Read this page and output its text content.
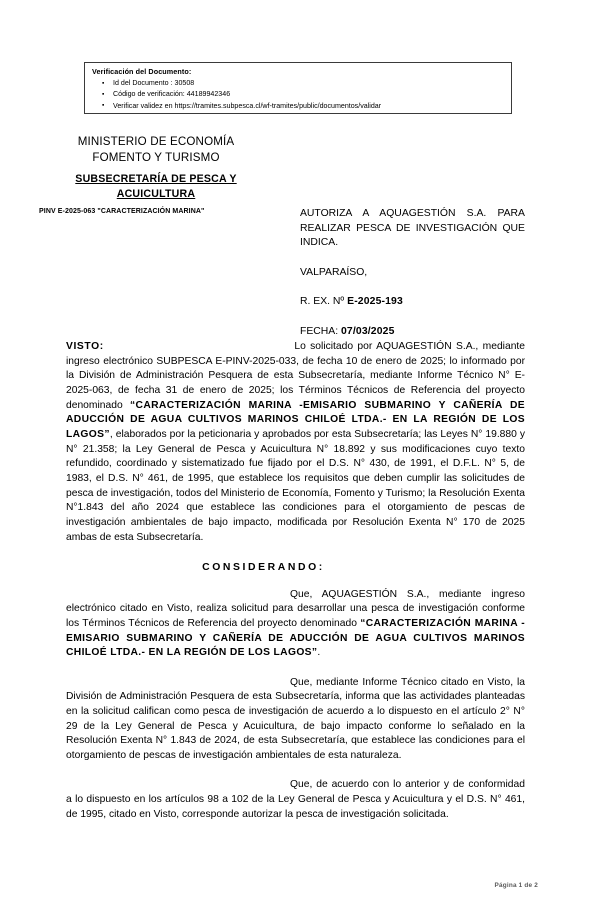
Verificación del Documento:
▪ Id del Documento : 30508
▪ Código de verificación: 44189942346
▪ Verificar validez en https://tramites.subpesca.cl/wf-tramites/public/documentos/validar
MINISTERIO DE ECONOMÍA
FOMENTO Y TURISMO
SUBSECRETARÍA DE PESCA Y
ACUICULTURA
PINV E-2025-063 "CARACTERIZACIÓN MARINA"	AUTORIZA A AQUAGESTIÓN S.A. PARA REALIZAR PESCA DE INVESTIGACIÓN QUE INDICA.
VALPARAÍSO,
R. EX. Nº E-2025-193
FECHA: 07/03/2025

VISTO:	Lo solicitado por AQUAGESTIÓN S.A., mediante ingreso electrónico SUBPESCA E-PINV-2025-033, de fecha 10 de enero de 2025; lo informado por la División de Administración Pesquera de esta Subsecretaría, mediante Informe Técnico N° E-2025-063, de fecha 31 de enero de 2025; los Términos Técnicos de Referencia del proyecto denominado “CARACTERIZACIÓN MARINA -EMISARIO SUBMARINO Y CAÑERÍA DE ADUCCIÓN DE AGUA CULTIVOS MARINOS CHILOÉ LTDA.- EN LA REGIÓN DE LOS LAGOS”, elaborados por la peticionaria y aprobados por esta Subsecretaría; las Leyes N° 19.880 y N° 21.358; la Ley General de Pesca y Acuicultura N° 18.892 y sus modificaciones cuyo texto refundido, coordinado y sistematizado fue fijado por el D.S. N° 430, de 1991, el D.F.L. N° 5, de 1983, el D.S. N° 461, de 1995, que establece los requisitos que deben cumplir las solicitudes de pesca de investigación, todos del Ministerio de Economía, Fomento y Turismo; la Resolución Exenta N°1.843 del año 2024 que establece las condiciones para el otorgamiento de pescas de investigación ambientales de bajo impacto, modificada por Resolución Exenta N° 170 de 2025 ambas de esta Subsecretaría.

CONSIDERANDO:

Que, AQUAGESTIÓN S.A., mediante ingreso electrónico citado en Visto, realiza solicitud para desarrollar una pesca de investigación conforme los Términos Técnicos de Referencia del proyecto denominado “CARACTERIZACIÓN MARINA -EMISARIO SUBMARINO Y CAÑERÍA DE ADUCCIÓN DE AGUA CULTIVOS MARINOS CHILOÉ LTDA.- EN LA REGIÓN DE LOS LAGOS”.

Que, mediante Informe Técnico citado en Visto, la División de Administración Pesquera de esta Subsecretaría, informa que las actividades planteadas en la solicitud califican como pesca de investigación de acuerdo a lo dispuesto en el artículo 2° N° 29 de la Ley General de Pesca y Acuicultura, de bajo impacto conforme lo señalado en la Resolución Exenta N° 1.843 de 2024, de esta Subsecretaría, que establece las condiciones para el otorgamiento de pescas de investigación ambientales de esta naturaleza.

Que, de acuerdo con lo anterior y de conformidad a lo dispuesto en los artículos 98 a 102 de la Ley General de Pesca y Acuicultura y el D.S. N° 461, de 1995, citado en Visto, corresponde autorizar la pesca de investigación solicitada.

Página 1 de 2
